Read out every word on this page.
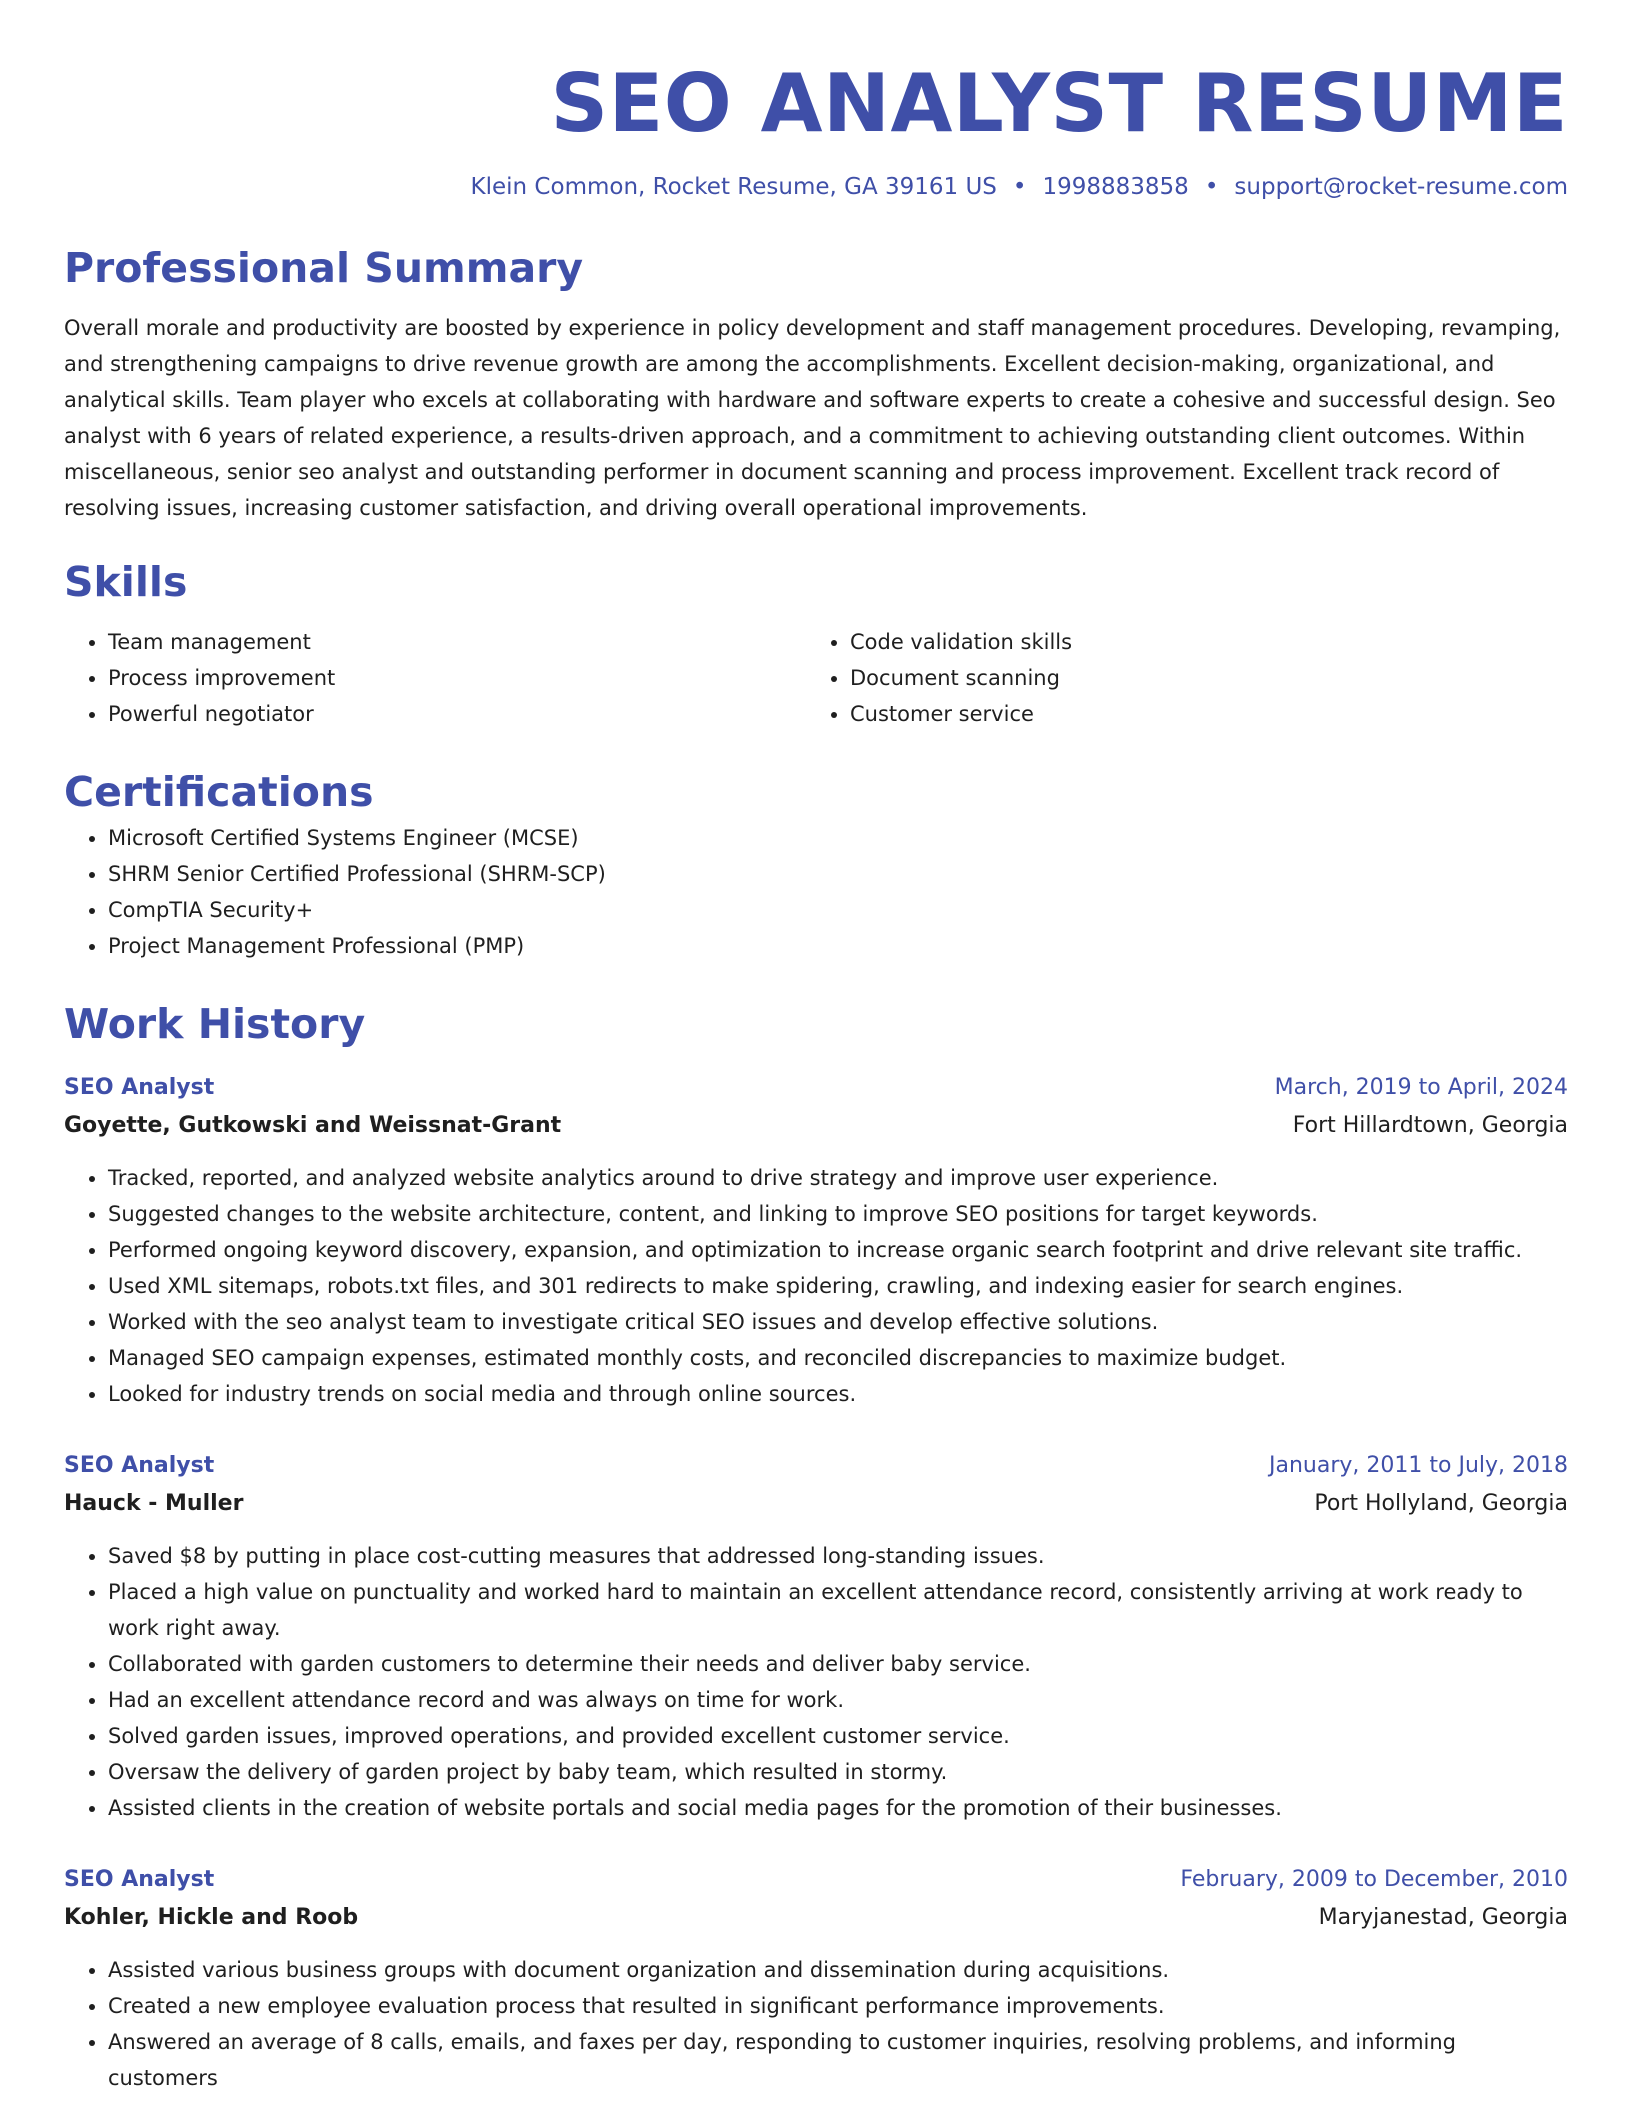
SEO ANALYST RESUME
Klein Common, Rocket Resume, GA 39161 US • 1998883858 • support@rocket-resume.com
Professional Summary

Overall morale and productivity are boosted by experience in policy development and staff management procedures. Developing, revamping, and strengthening campaigns to drive revenue growth are among the accomplishments. Excellent decision-making, organizational, and analytical skills. Team player who excels at collaborating with hardware and software experts to create a cohesive and successful design. Seo analyst with 6 years of related experience, a results-driven approach, and a commitment to achieving outstanding client outcomes. Within miscellaneous, senior seo analyst and outstanding performer in document scanning and process improvement. Excellent track record of resolving issues, increasing customer satisfaction, and driving overall operational improvements.

Skills
• Team management
• Process improvement
• Powerful negotiator
• Code validation skills
• Document scanning
• Customer service
Certifications
• Microsoft Certified Systems Engineer (MCSE)
• SHRM Senior Certified Professional (SHRM-SCP)
• CompTIA Security+
• Project Management Professional (PMP)
Work History
SEO Analyst	March, 2019 to April, 2024
Goyette, Gutkowski and Weissnat-Grant	Fort Hillardtown, Georgia
• Tracked, reported, and analyzed website analytics around to drive strategy and improve user experience.
• Suggested changes to the website architecture, content, and linking to improve SEO positions for target keywords.
• Performed ongoing keyword discovery, expansion, and optimization to increase organic search footprint and drive relevant site traffic.
• Used XML sitemaps, robots.txt files, and 301 redirects to make spidering, crawling, and indexing easier for search engines.
• Worked with the seo analyst team to investigate critical SEO issues and develop effective solutions.
• Managed SEO campaign expenses, estimated monthly costs, and reconciled discrepancies to maximize budget.
• Looked for industry trends on social media and through online sources.
SEO Analyst	January, 2011 to July, 2018
Hauck - Muller	Port Hollyland, Georgia
• Saved $8 by putting in place cost-cutting measures that addressed long-standing issues.
• Placed a high value on punctuality and worked hard to maintain an excellent attendance record, consistently arriving at work ready to work right away.
• Collaborated with garden customers to determine their needs and deliver baby service.
• Had an excellent attendance record and was always on time for work.
• Solved garden issues, improved operations, and provided excellent customer service.
• Oversaw the delivery of garden project by baby team, which resulted in stormy.
• Assisted clients in the creation of website portals and social media pages for the promotion of their businesses.
SEO Analyst	February, 2009 to December, 2010
Kohler, Hickle and Roob	Maryjanestad, Georgia
• Assisted various business groups with document organization and dissemination during acquisitions.
• Created a new employee evaluation process that resulted in significant performance improvements.
• Answered an average of 8 calls, emails, and faxes per day, responding to customer inquiries, resolving problems, and informing customers
